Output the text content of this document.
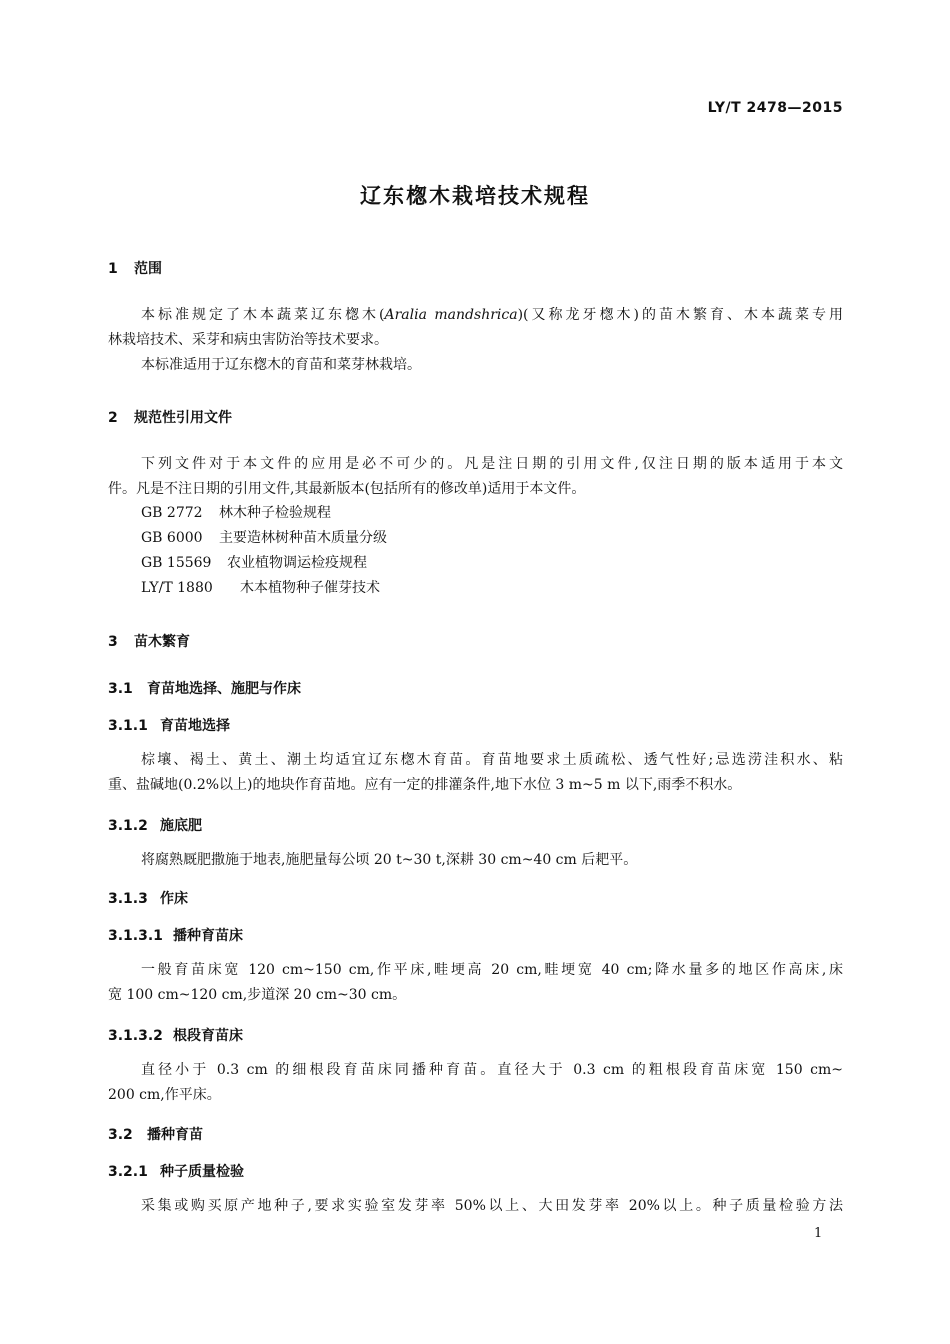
LY/T 2478—2015
辽东楤木栽培技术规程
1 范围
本标准规定了木本蔬菜辽东楤木(Aralia mandshrica)(又称龙牙楤木)的苗木繁育、木本蔬菜专用
林栽培技术、采芽和病虫害防治等技术要求。
本标准适用于辽东楤木的育苗和菜芽林栽培。
2 规范性引用文件
下列文件对于本文件的应用是必不可少的。凡是注日期的引用文件,仅注日期的版本适用于本文
件。凡是不注日期的引用文件,其最新版本(包括所有的修改单)适用于本文件。
GB 2772 林木种子检验规程
GB 6000 主要造林树种苗木质量分级
GB 15569 农业植物调运检疫规程
LY/T 1880 木本植物种子催芽技术
3 苗木繁育
3.1 育苗地选择、施肥与作床
3.1.1 育苗地选择
棕壤、褐土、黄土、潮土均适宜辽东楤木育苗。育苗地要求土质疏松、透气性好;忌选涝洼积水、粘
重、盐碱地(0.2%以上)的地块作育苗地。应有一定的排灌条件,地下水位 3 m~5 m 以下,雨季不积水。
3.1.2 施底肥
将腐熟厩肥撒施于地表,施肥量每公顷 20 t~30 t,深耕 30 cm~40 cm 后耙平。
3.1.3 作床
3.1.3.1 播种育苗床
一般育苗床宽 120 cm~150 cm,作平床,畦埂高 20 cm,畦埂宽 40 cm;降水量多的地区作高床,床
宽 100 cm~120 cm,步道深 20 cm~30 cm。
3.1.3.2 根段育苗床
直径小于 0.3 cm 的细根段育苗床同播种育苗。直径大于 0.3 cm 的粗根段育苗床宽 150 cm~
200 cm,作平床。
3.2 播种育苗
3.2.1 种子质量检验
采集或购买原产地种子,要求实验室发芽率 50%以上、大田发芽率 20%以上。种子质量检验方法
1
